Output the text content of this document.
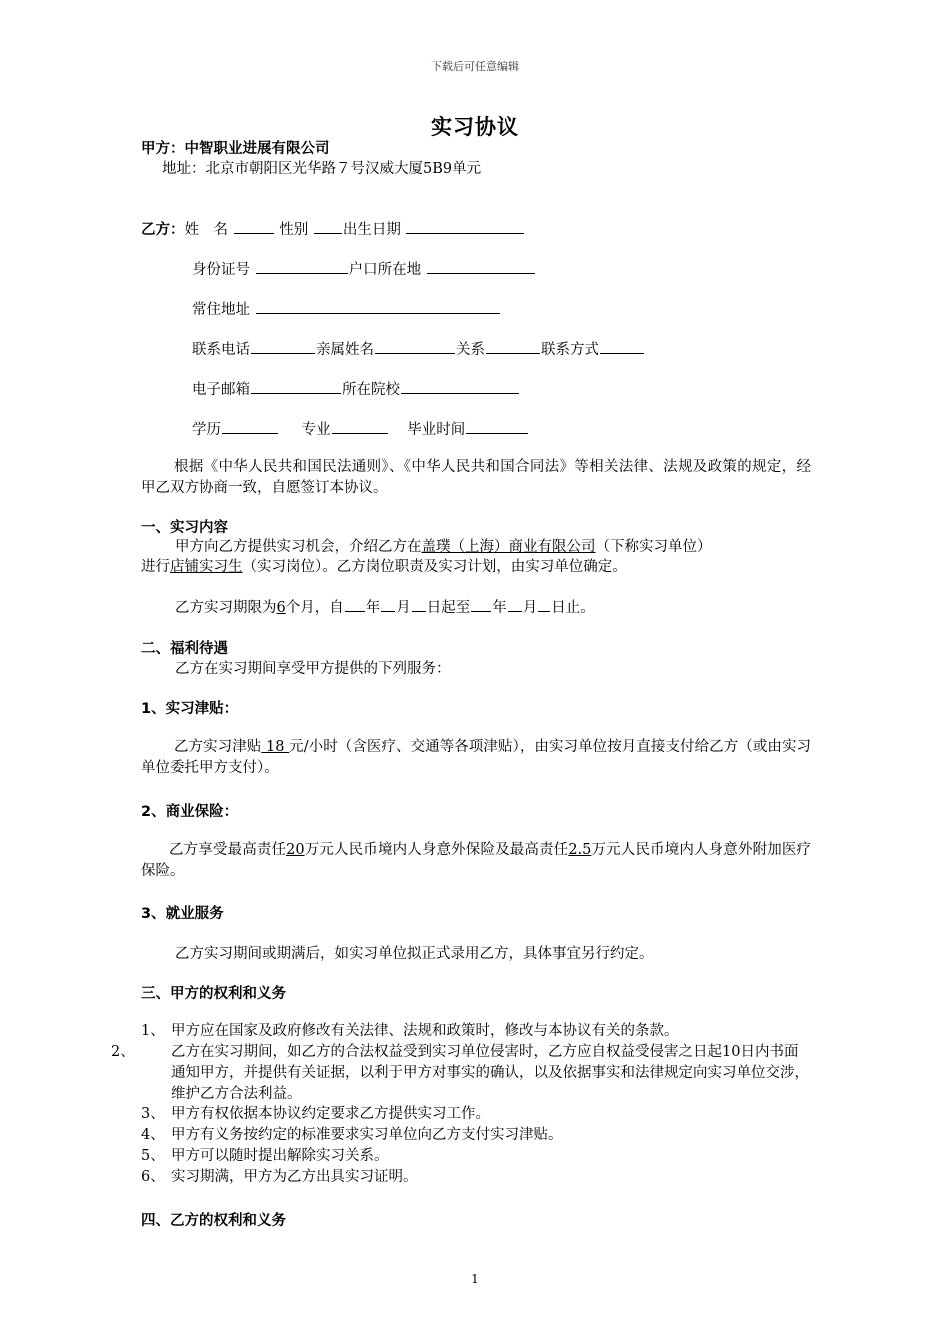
下载后可任意编辑
实习协议
甲方：中智职业进展有限公司
地址：北京市朝阳区光华路７号汉威大厦5B9单元
乙方：姓　名	性别 出生日期
身份证号	户口所在地
常住地址
联系电话	亲属姓名	关系	联系方式
电子邮箱	所在院校
学历	专业	毕业时间
根据《中华人民共和国民法通则》、《中华人民共和国合同法》等相关法律、法规及政策的规定，经甲乙双方协商一致，自愿签订本协议。
一、实习内容
甲方向乙方提供实习机会，介绍乙方在盖璞（上海）商业有限公司（下称实习单位）
进行店铺实习生（实习岗位）。乙方岗位职责及实习计划，由实习单位确定。
乙方实习期限为6个月，自 年 月 日起至 年 月 日止。
二、福利待遇
乙方在实习期间享受甲方提供的下列服务：
1、实习津贴：
乙方实习津贴 18 元/小时（含医疗、交通等各项津贴），由实习单位按月直接支付给乙方（或由实习单位委托甲方支付）。
2、商业保险：
乙方享受最高责任20万元人民币境内人身意外保险及最高责任2.5万元人民币境内人身意外附加医疗保险。
3、就业服务
乙方实习期间或期满后，如实习单位拟正式录用乙方，具体事宜另行约定。
三、甲方的权利和义务
1、 甲方应在国家及政府修改有关法律、法规和政策时，修改与本协议有关的条款。
2、	乙方在实习期间，如乙方的合法权益受到实习单位侵害时，乙方应自权益受侵害之日起10日内书面通知甲方，并提供有关证据，以利于甲方对事实的确认，以及依据事实和法律规定向实习单位交涉，维护乙方合法利益。
3、 甲方有权依据本协议约定要求乙方提供实习工作。
4、 甲方有义务按约定的标准要求实习单位向乙方支付实习津贴。
5、 甲方可以随时提出解除实习关系。
6、 实习期满，甲方为乙方出具实习证明。
四、乙方的权利和义务
1
